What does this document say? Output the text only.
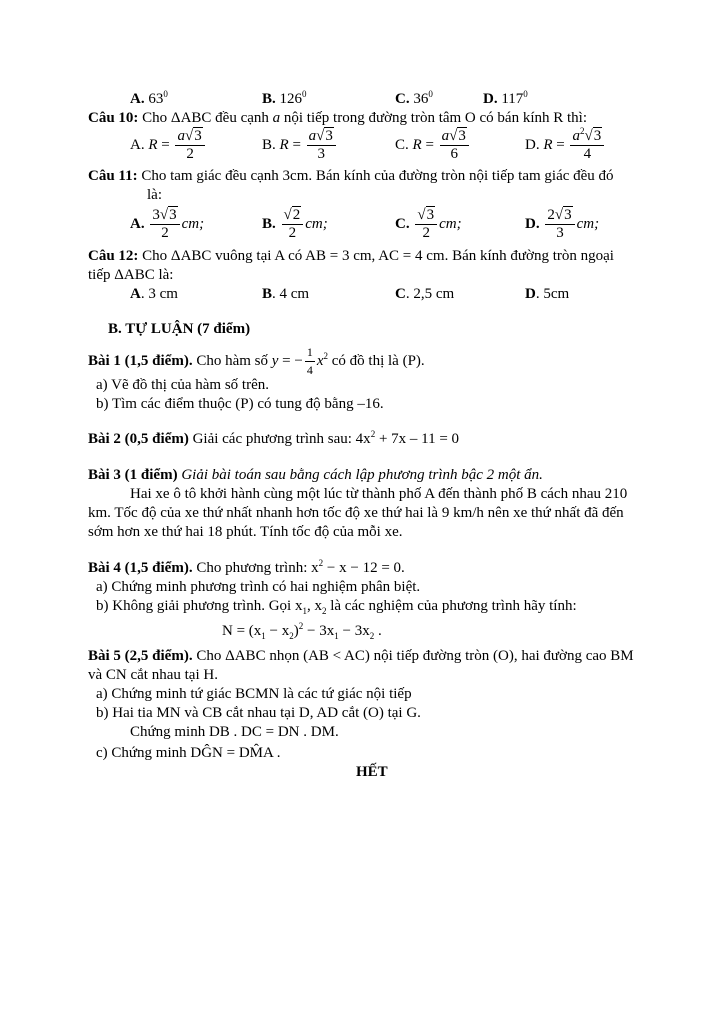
A. $63^0$	B. $126^0$	C. $36^0$	D. $117^0$
Câu 10: Cho ΔABC đều cạnh a nội tiếp trong đường tròn tâm O có bán kính R thì:
A. $R = \frac{a√3}{2}$	B. $R = \frac{a√3}{3}$	C. $R = \frac{a√3}{6}$	D. $R = \frac{a^2√3}{4}$
Câu 11: Cho tam giác đều cạnh 3cm. Bán kính của đường tròn nội tiếp tam giác đều đó
là:
A. $\frac{3√3}{2}$ cm;	B. $\frac{√2}{2}$ cm;	C. $\frac{√3}{2}$ cm;	D. $\frac{2√3}{3}$ cm;
Câu 12: Cho ΔABC vuông tại A có AB = 3 cm, AC = 4 cm. Bán kính đường tròn ngoại
tiếp ΔABC là:
A. 3 cm	B. 4 cm	C. 2,5 cm	D. 5cm
B. TỰ LUẬN (7 điểm)
Bài 1 (1,5 điểm). Cho hàm số y = − $\frac{1}{4} x^2$ có đồ thị là (P).
a) Vẽ đồ thị của hàm số trên.
b) Tìm các điểm thuộc (P) có tung độ bằng –16.
Bài 2 (0,5 điểm) Giải các phương trình sau: $4x^2 + 7x - 11 = 0$
Bài 3 (1 điểm) Giải bài toán sau bằng cách lập phương trình bậc 2 một ẩn.
Hai xe ô tô khởi hành cùng một lúc từ thành phố A đến thành phố B cách nhau 210
km. Tốc độ của xe thứ nhất nhanh hơn tốc độ xe thứ hai là 9 km/h nên xe thứ nhất đã đến
sớm hơn xe thứ hai 18 phút. Tính tốc độ của mỗi xe.
Bài 4 (1,5 điểm). Cho phương trình: $x^2 - x - 12 = 0$.
a) Chứng minh phương trình có hai nghiệm phân biệt.
b) Không giải phương trình. Gọi $x_1$, $x_2$ là các nghiệm của phương trình hãy tính:
$N = (x_1 - x_2)^2 - 3x_1 - 3x_2$ .
Bài 5 (2,5 điểm). Cho ΔABC nhọn (AB < AC) nội tiếp đường tròn (O), hai đường cao BM
và CN cắt nhau tại H.
a) Chứng minh tứ giác BCMN là các tứ giác nội tiếp
b) Hai tia MN và CB cắt nhau tại D, AD cắt (O) tại G.
Chứng minh DB . DC = DN . DM.
c) Chứng minh DĜN = DM̂A .
HẾT
